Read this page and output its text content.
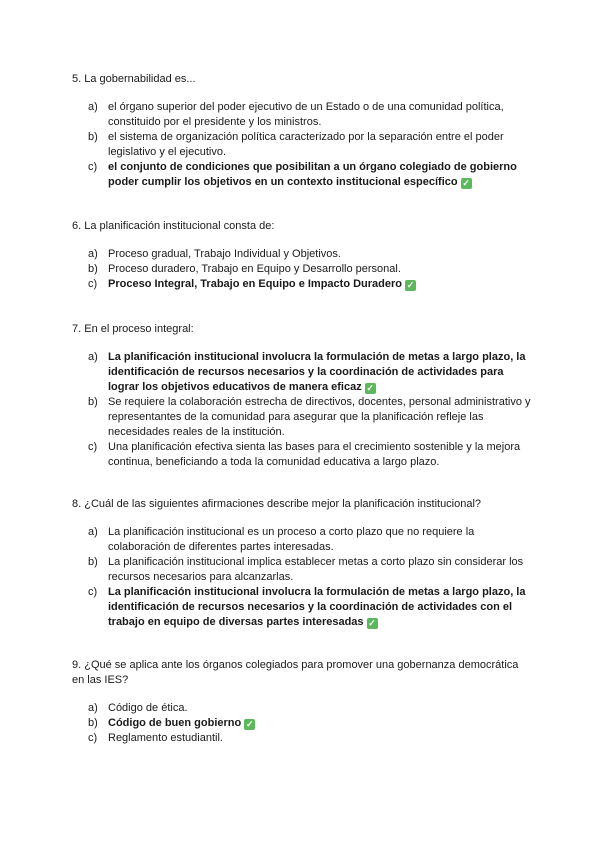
5. La gobernabilidad es...
a) el órgano superior del poder ejecutivo de un Estado o de una comunidad política, constituido por el presidente y los ministros.
b) el sistema de organización política caracterizado por la separación entre el poder legislativo y el ejecutivo.
c) el conjunto de condiciones que posibilitan a un órgano colegiado de gobierno poder cumplir los objetivos en un contexto institucional específico ✓
6. La planificación institucional consta de:
a) Proceso gradual, Trabajo Individual y Objetivos.
b) Proceso duradero, Trabajo en Equipo y Desarrollo personal.
c) Proceso Integral, Trabajo en Equipo e Impacto Duradero ✓
7. En el proceso integral:
a) La planificación institucional involucra la formulación de metas a largo plazo, la identificación de recursos necesarios y la coordinación de actividades para lograr los objetivos educativos de manera eficaz ✓
b) Se requiere la colaboración estrecha de directivos, docentes, personal administrativo y representantes de la comunidad para asegurar que la planificación refleje las necesidades reales de la institución.
c) Una planificación efectiva sienta las bases para el crecimiento sostenible y la mejora continua, beneficiando a toda la comunidad educativa a largo plazo.
8. ¿Cuál de las siguientes afirmaciones describe mejor la planificación institucional?
a) La planificación institucional es un proceso a corto plazo que no requiere la colaboración de diferentes partes interesadas.
b) La planificación institucional implica establecer metas a corto plazo sin considerar los recursos necesarios para alcanzarlas.
c) La planificación institucional involucra la formulación de metas a largo plazo, la identificación de recursos necesarios y la coordinación de actividades con el trabajo en equipo de diversas partes interesadas ✓
9. ¿Qué se aplica ante los órganos colegiados para promover una gobernanza democrática en las IES?
a) Código de ética.
b) Código de buen gobierno ✓
c) Reglamento estudiantil.
